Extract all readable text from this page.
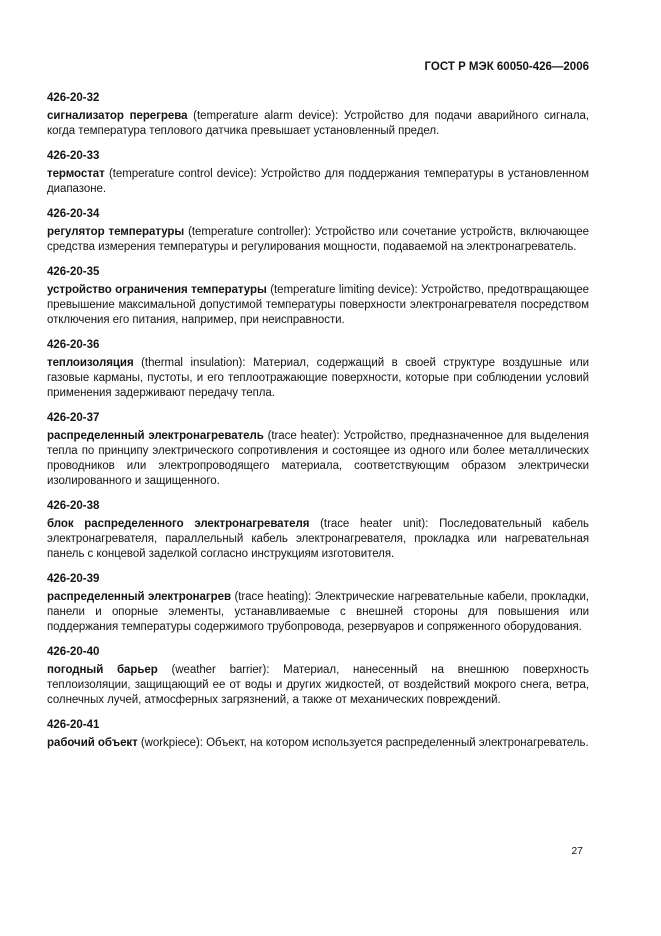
ГОСТ Р МЭК 60050-426—2006
426-20-32

сигнализатор перегрева (temperature alarm device): Устройство для подачи аварийного сигнала, когда температура теплового датчика превышает установленный предел.

426-20-33

термостат (temperature control device): Устройство для поддержания температуры в установленном диапазоне.

426-20-34

регулятор температуры (temperature controller): Устройство или сочетание устройств, включающее средства измерения температуры и регулирования мощности, подаваемой на электронагреватель.

426-20-35

устройство ограничения температуры (temperature limiting device): Устройство, предотвращающее превышение максимальной допустимой температуры поверхности электронагревателя посредством отключения его питания, например, при неисправности.

426-20-36

теплоизоляция (thermal insulation): Материал, содержащий в своей структуре воздушные или газовые карманы, пустоты, и его теплоотражающие поверхности, которые при соблюдении условий применения задерживают передачу тепла.

426-20-37

распределенный электронагреватель (trace heater): Устройство, предназначенное для выделения тепла по принципу электрического сопротивления и состоящее из одного или более металлических проводников или электропроводящего материала, соответствующим образом электрически изолированного и защищенного.

426-20-38

блок распределенного электронагревателя (trace heater unit): Последовательный кабель электронагревателя, параллельный кабель электронагревателя, прокладка или нагревательная панель с концевой заделкой согласно инструкциям изготовителя.

426-20-39

распределенный электронагрев (trace heating): Электрические нагревательные кабели, прокладки, панели и опорные элементы, устанавливаемые с внешней стороны для повышения или поддержания температуры содержимого трубопровода, резервуаров и сопряженного оборудования.

426-20-40

погодный барьер (weather barrier): Материал, нанесенный на внешнюю поверхность теплоизоляции, защищающий ее от воды и других жидкостей, от воздействий мокрого снега, ветра, солнечных лучей, атмосферных загрязнений, а также от механических повреждений.

426-20-41

рабочий объект (workpiece): Объект, на котором используется распределенный электронагреватель.

27
